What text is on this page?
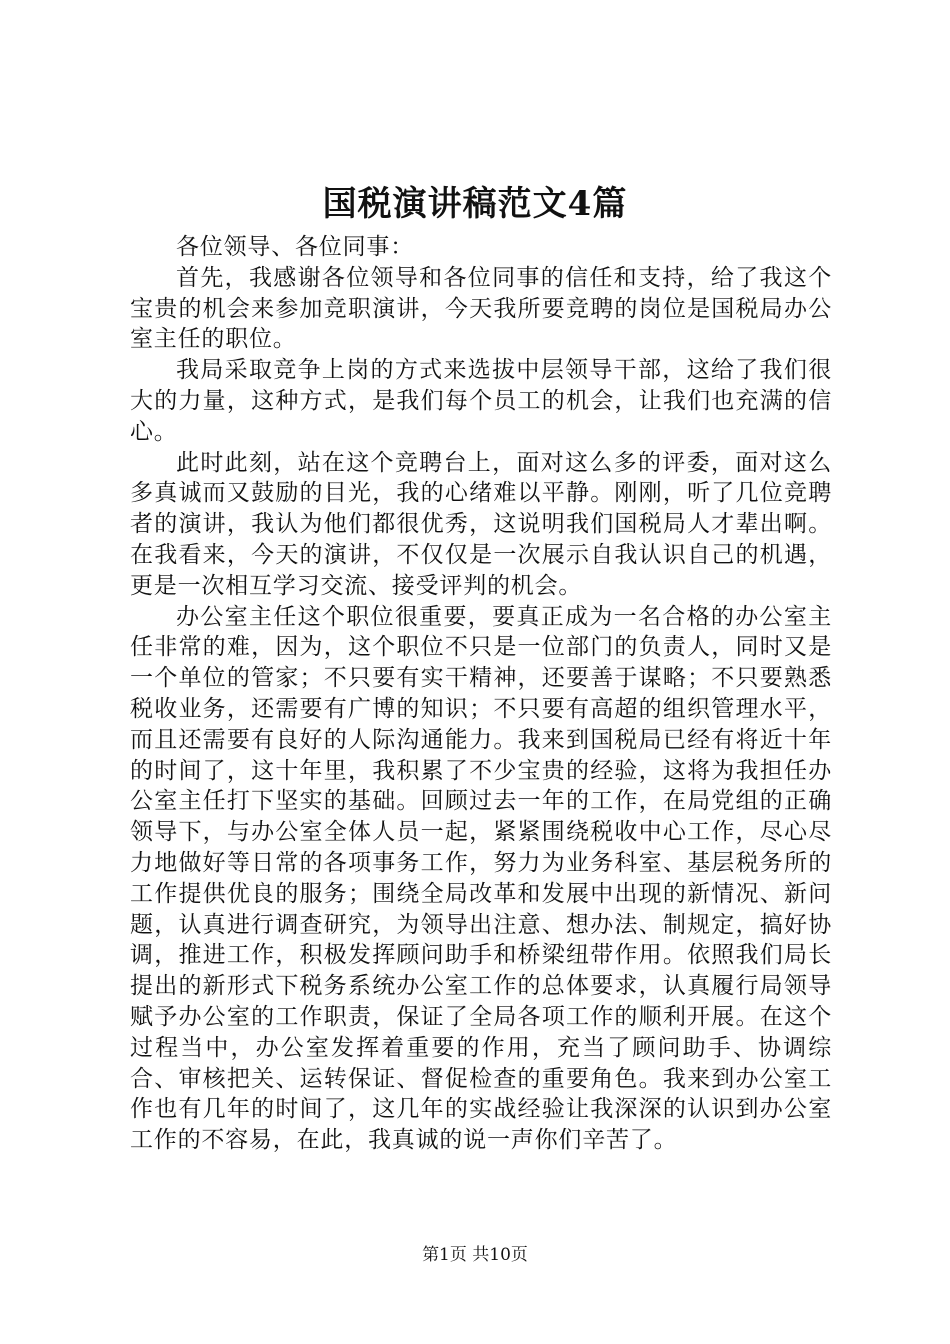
国税演讲稿范文4篇

各位领导、各位同事：

首先，我感谢各位领导和各位同事的信任和支持，给了我这个宝贵的机会来参加竞职演讲，今天我所要竞聘的岗位是国税局办公室主任的职位。

我局采取竞争上岗的方式来选拔中层领导干部，这给了我们很大的力量，这种方式，是我们每个员工的机会，让我们也充满的信心。

此时此刻，站在这个竞聘台上，面对这么多的评委，面对这么多真诚而又鼓励的目光，我的心绪难以平静。刚刚，听了几位竞聘者的演讲，我认为他们都很优秀，这说明我们国税局人才辈出啊。在我看来，今天的演讲，不仅仅是一次展示自我认识自己的机遇，更是一次相互学习交流、接受评判的机会。

办公室主任这个职位很重要，要真正成为一名合格的办公室主任非常的难，因为，这个职位不只是一位部门的负责人，同时又是一个单位的管家；不只要有实干精神，还要善于谋略；不只要熟悉税收业务，还需要有广博的知识；不只要有高超的组织管理水平，而且还需要有良好的人际沟通能力。我来到国税局已经有将近十年的时间了，这十年里，我积累了不少宝贵的经验，这将为我担任办公室主任打下坚实的基础。回顾过去一年的工作，在局党组的正确领导下，与办公室全体人员一起，紧紧围绕税收中心工作，尽心尽力地做好等日常的各项事务工作，努力为业务科室、基层税务所的工作提供优良的服务；围绕全局改革和发展中出现的新情况、新问题，认真进行调查研究，为领导出注意、想办法、制规定，搞好协调，推进工作，积极发挥顾问助手和桥梁纽带作用。依照我们局长提出的新形式下税务系统办公室工作的总体要求，认真履行局领导赋予办公室的工作职责，保证了全局各项工作的顺利开展。在这个过程当中，办公室发挥着重要的作用，充当了顾问助手、协调综合、审核把关、运转保证、督促检查的重要角色。我来到办公室工作也有几年的时间了，这几年的实战经验让我深深的认识到办公室工作的不容易，在此，我真诚的说一声你们辛苦了。

第1页 共10页
